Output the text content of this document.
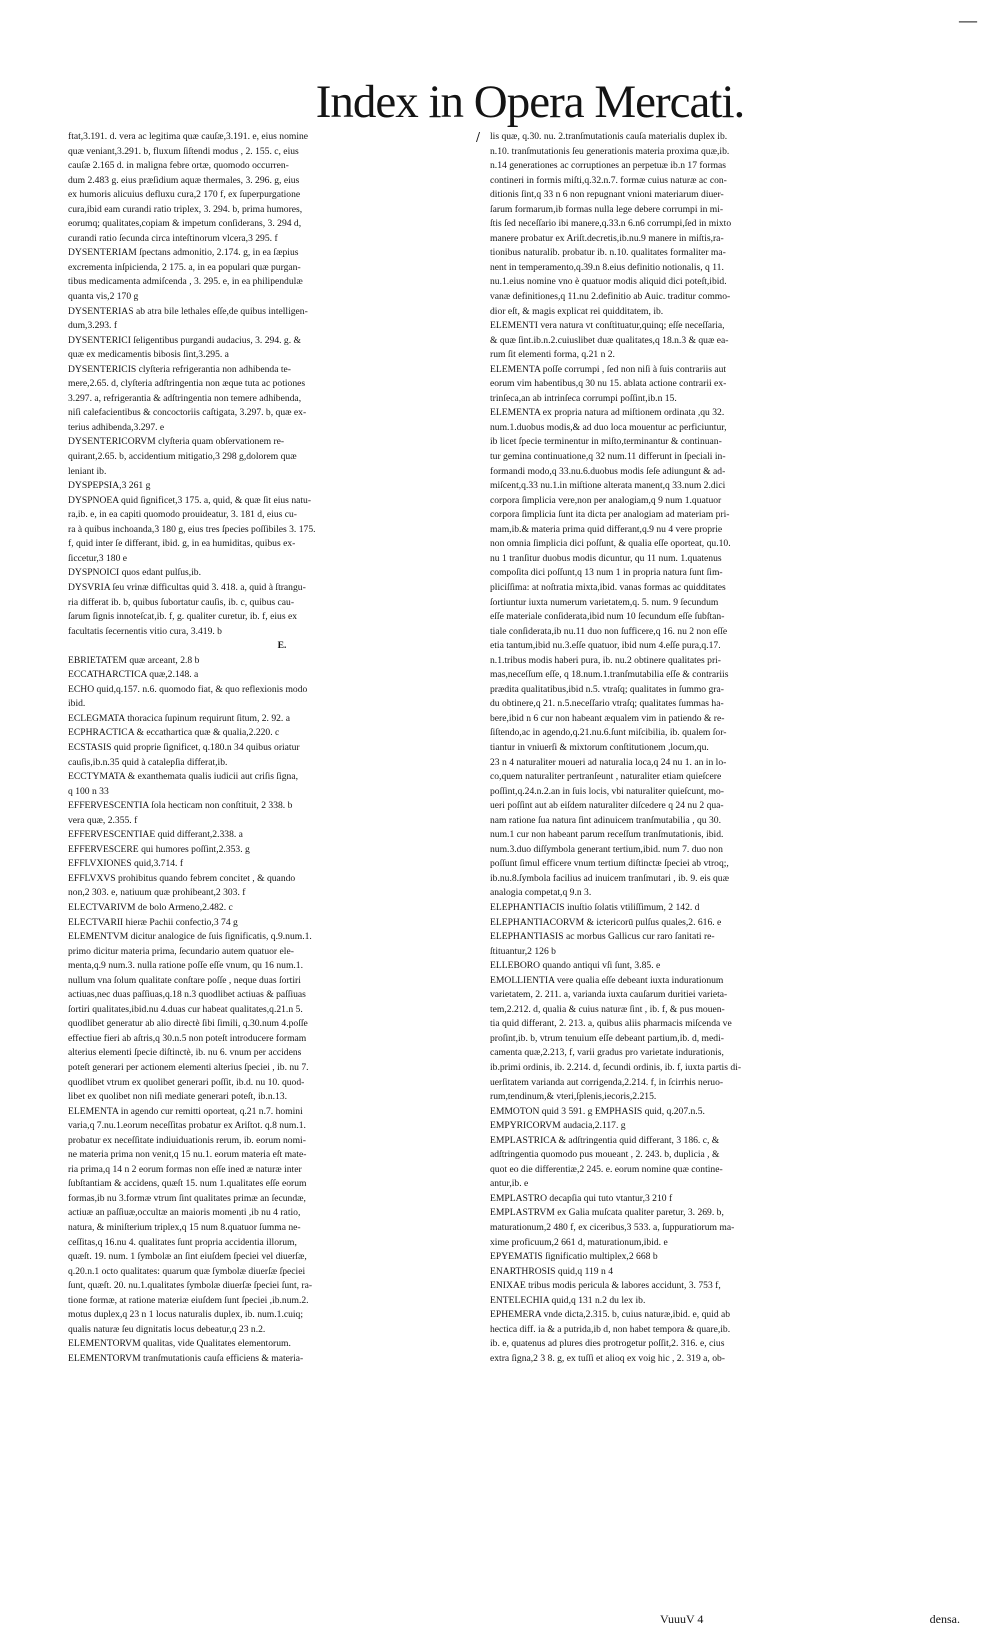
—
Index in Opera Mercati.
/
ftat,3.191. d. vera ac legitima quæ cauſæ,3.191. e, eius nomine
quæ veniant,3.291. b, fluxum ſiſtendi modus , 2. 155. c, eius
cauſæ 2.165 d. in maligna febre ortæ, quomodo occurren-
dum 2.483 g. eius præſidium aquæ thermales, 3. 296. g, eius
ex humoris alicuius defluxu cura,2 170 f, ex ſuperpurgatione
cura,ibid eam curandi ratio triplex, 3. 294. b, prima humores,
eorumq; qualitates,copiam & impetum conſiderans, 3. 294 d,
curandi ratio ſecunda circa inteſtinorum vlcera,3 295. f
DYSENTERIAM ſpectans admonitio, 2.174. g, in ea ſæpius
excrementa inſpicienda, 2 175. a, in ea populari quæ purgan-
tibus medicamenta admiſcenda , 3. 295. e, in ea philipendulæ
quanta vis,2 170 g
DYSENTERIAS ab atra bile lethales eſſe,de quibus intelligen-
dum,3.293. f
DYSENTERICI ſeligentibus purgandi audacius, 3. 294. g. &
quæ ex medicamentis bibosis ſint,3.295. a
DYSENTERICIS clyſteria refrigerantia non adhibenda te-
mere,2.65. d, clyſteria adſtringentia non æque tuta ac potiones
3.297. a, refrigerantia & adſtringentia non temere adhibenda,
niſi calefacientibus & concoctoriis caſtigata, 3.297. b, quæ ex-
terius adhibenda,3.297. e
DYSENTERICORVM clyſteria quam obſervationem re-
quirant,2.65. b, accidentium mitigatio,3 298 g,dolorem quæ
leniant ib.
DYSPEPSIA,3 261 g
DYSPNOEA quid ſignificet,3 175. a, quid, & quæ ſit eius natu-
ra,ib. e, in ea capiti quomodo prouideatur, 3. 181 d, eius cu-
ra à quibus inchoanda,3 180 g, eius tres ſpecies poſſibiles 3. 175.
f, quid inter ſe differant, ibid. g, in ea humiditas, quibus ex-
ſiccetur,3 180 e
DYSPNOICI quos edant pulſus,ib.
DYSVRIA ſeu vrinæ difficultas quid 3. 418. a, quid à ſtrangu-
ria differat ib. b, quibus ſubortatur cauſis, ib. c, quibus cau-
ſarum ſignis innoteſcat,ib. f, g. qualiter curetur, ib. f, eius ex
facultatis ſecernentis vitio cura, 3.419. b
E.
EBRIETATEM quæ arceant, 2.8 b
ECCATHARCTICA quæ,2.148. a
ECHO quid,q.157. n.6. quomodo fiat, & quo reflexionis modo
ibid.
ECLEGMATA thoracica ſupinum requirunt ſitum, 2. 92. a
ECPHRACTICA & eccathartica quæ & qualia,2.220. c
ECSTASIS quid proprie ſignificet, q.180.n 34 quibus oriatur
cauſis,ib.n.35 quid à catalepſia differat,ib.
ECCTYMATA & exanthemata qualis iudicii aut criſis ſigna,
q 100 n 33
EFFERVESCENTIA ſola hecticam non conſtituit, 2 338. b
vera quæ, 2.355. f
EFFERVESCENTIAE quid differant,2.338. a
EFFERVESCERE qui humores poſſint,2.353. g
EFFLVXIONES quid,3.714. f
EFFLVXVS prohibitus quando febrem concitet , & quando
non,2 303. e, natiuum quæ prohibeant,2 303. f
ELECTVARIVM de bolo Armeno,2.482. c
ELECTVARII hieræ Pachii confectio,3 74 g
ELEMENTVM dicitur analogice de ſuis ſignificatis, q.9.num.1.
primo dicitur materia prima, ſecundario autem quatuor ele-
menta,q.9 num.3. nulla ratione poſſe eſſe vnum, qu 16 num.1.
nullum vna ſolum qualitate conſtare poſſe , neque duas ſortiri
actiuas,nec duas paſſiuas,q.18 n.3 quodlibet actiuas & paſſiuas
ſortiri qualitates,ibid.nu 4.duas cur habeat qualitates,q.21.n 5.
quodlibet generatur ab alio directè ſibi ſimili, q.30.num 4.poſſe
effectiue fieri ab aſtris,q 30.n.5 non poteſt introducere formam
alterius elementi ſpecie diſtinctè, ib. nu 6. vnum per accidens
poteſt generari per actionem elementi alterius ſpeciei , ib. nu 7.
quodlibet vtrum ex quolibet generari poſſit, ib.d. nu 10. quod-
libet ex quolibet non niſi mediate generari poteſt, ib.n.13.
ELEMENTA in agendo cur remitti oporteat, q.21 n.7. homini
varia,q 7.nu.1.eorum neceſſitas probatur ex Ariſtot. q.8 num.1.
probatur ex neceſſitate indiuiduationis rerum, ib. eorum nomi-
ne materia prima non venit,q 15 nu.1. eorum materia eſt mate-
ria prima,q 14 n 2 eorum formas non eſſe ined æ naturæ inter
ſubſtantiam & accidens, quæſt 15. num 1.qualitates eſſe eorum
formas,ib nu 3.formæ vtrum ſint qualitates primæ an ſecundæ,
actiuæ an paſſiuæ,occultæ an maioris momenti ,ib nu 4 ratio,
natura, & miniſterium triplex,q 15 num 8.quatuor ſumma ne-
ceſſitas,q 16.nu 4. qualitates ſunt propria accidentia illorum,
quæſt. 19. num. 1 ſymbolæ an ſint eiuſdem ſpeciei vel diuerſæ,
q.20.n.1 octo qualitates: quarum quæ ſymbolæ diuerſæ ſpeciei
ſunt, quæſt. 20. nu.1.qualitates ſymbolæ diuerſæ ſpeciei ſunt, ra-
tione formæ, at ratione materiæ eiuſdem ſunt ſpeciei ,ib.num.2.
motus duplex,q 23 n 1 locus naturalis duplex, ib. num.1.cuiq;
qualis naturæ ſeu dignitatis locus debeatur,q 23 n.2.
ELEMENTORVM qualitas, vide Qualitates elementorum.
ELEMENTORVM tranſmutationis cauſa efficiens & materia-
lis quæ, q.30. nu. 2.tranſmutationis cauſa materialis duplex ib.
n.10. tranſmutationis ſeu generationis materia proxima quæ,ib.
n.14 generationes ac corruptiones an perpetuæ ib.n 17 formas
contineri in formis miſti,q.32.n.7. formæ cuius naturæ ac con-
ditionis ſint,q 33 n 6 non repugnant vnioni materiarum diuer-
ſarum formarum,ib formas nulla lege debere corrumpi in mi-
ſtis ſed neceſſario ibi manere,q.33.n 6.n6 corrumpi,ſed in mixto
manere probatur ex Ariſt.decretis,ib.nu.9 manere in miſtis,ra-
tionibus naturalib. probatur ib. n.10. qualitates formaliter ma-
nent in temperamento,q.39.n 8.eius definitio notionalis, q 11.
nu.1.eius nomine vno è quatuor modis aliquid dici poteſt,ibid.
vanæ definitiones,q 11.nu 2.definitio ab Auic. traditur commo-
dior eſt, & magis explicat rei quidditatem, ib.
ELEMENTI vera natura vt conſtituatur,quinq; eſſe neceſſaria,
& quæ ſint.ib.n.2.cuiuslibet duæ qualitates,q 18.n.3 & quæ ea-
rum ſit elementi forma, q.21 n 2.
ELEMENTA poſſe corrumpi , ſed non niſi à ſuis contrariis aut
eorum vim habentibus,q 30 nu 15. ablata actione contrarii ex-
trinſeca,an ab intrinſeca corrumpi poſſint,ib.n 15.
ELEMENTA ex propria natura ad miſtionem ordinata ,qu 32.
num.1.duobus modis,& ad duo loca mouentur ac perficiuntur,
ib licet ſpecie terminentur in miſto,terminantur & continuan-
tur gemina continuatione,q 32 num.11 differunt in ſpeciali in-
formandi modo,q 33.nu.6.duobus modis ſeſe adiungunt & ad-
miſcent,q.33 nu.1.in miſtione alterata manent,q 33.num 2.dici
corpora ſimplicia vere,non per analogiam,q 9 num 1.quatuor
corpora ſimplicia ſunt ita dicta per analogiam ad materiam pri-
mam,ib.& materia prima quid differant,q.9 nu 4 vere proprie
non omnia ſimplicia dici poſſunt, & qualia eſſe oporteat, qu.10.
nu 1 tranſitur duobus modis dicuntur, qu 11 num. 1.quatenus
compoſita dici poſſunt,q 13 num 1 in propria natura ſunt ſim-
pliciſſima: at noſtratia mixta,ibid. vanas formas ac quidditates
ſortiuntur iuxta numerum varietatem,q. 5. num. 9 ſecundum
eſſe materiale conſiderata,ibid num 10 ſecundum eſſe ſubſtan-
tiale conſiderata,ib nu.11 duo non ſufficere,q 16. nu 2 non eſſe
etia tantum,ibid nu.3.eſſe quatuor, ibid num 4.eſſe pura,q.17.
n.1.tribus modis haberi pura, ib. nu.2 obtinere qualitates pri-
mas,neceſſum eſſe, q 18.num.1.tranſmutabilia eſſe & contrariis
prædita qualitatibus,ibid n.5. vtraſq; qualitates in ſummo gra-
du obtinere,q 21. n.5.neceſſario vtraſq; qualitates ſummas ha-
bere,ibid n 6 cur non habeant æqualem vim in patiendo & re-
ſiſtendo,ac in agendo,q.21.nu.6.ſunt miſcibilia, ib. qualem ſor-
tiantur in vniuerſi & mixtorum conſtitutionem ,locum,qu.
23 n 4 naturaliter moueri ad naturalia loca,q 24 nu 1. an in lo-
co,quem naturaliter pertranſeunt , naturaliter etiam quieſcere
poſſint,q.24.n.2.an in ſuis locis, vbi naturaliter quieſcunt, mo-
ueri poſſint aut ab eiſdem naturaliter diſcedere q 24 nu 2 qua-
nam ratione ſua natura ſint adinuicem tranſmutabilia , qu 30.
num.1 cur non habeant parum receſſum tranſmutationis, ibid.
num.3.duo diſſymbola generant tertium,ibid. num 7. duo non
poſſunt ſimul efficere vnum tertium diſtinctæ ſpeciei ab vtroq;,
ib.nu.8.ſymbola facilius ad inuicem tranſmutari , ib. 9. eis quæ
analogia competat,q 9.n 3.
ELEPHANTIACIS inuſtio ſolatis vtiliſſimum, 2 142. d
ELEPHANTIACORVM & ictericorū pulſus quales,2. 616. e
ELEPHANTIASIS ac morbus Gallicus cur raro ſanitati re-
ſtituantur,2 126 b
ELLEBORO quando antiqui vſi ſunt, 3.85. e
EMOLLIENTIA vere qualia eſſe debeant iuxta indurationum
varietatem, 2. 211. a, varianda iuxta cauſarum duritiei varieta-
tem,2.212. d, qualia & cuius naturæ ſint , ib. f, & pus mouen-
tia quid differant, 2. 213. a, quibus aliis pharmacis miſcenda ve
proſint,ib. b, vtrum tenuium eſſe debeant partium,ib. d, medi-
camenta quæ,2.213, f, varii gradus pro varietate indurationis,
ib.primi ordinis, ib. 2.214. d, ſecundi ordinis, ib. f, iuxta partis di-
uerſitatem varianda aut corrigenda,2.214. f, in ſcirrhis neruo-
rum,tendinum,& vteri,ſplenis,iecoris,2.215.
EMMOTON quid 3 591. g EMPHASIS quid, q.207.n.5.
EMPYRICORVM audacia,2.117. g
EMPLASTRICA & adſtringentia quid differant, 3 186. c, &
adſtringentia quomodo pus moueant , 2. 243. b, duplicia , &
quot eo die differentiæ,2 245. e. eorum nomine quæ contine-
antur,ib. e
EMPLASTRO decapſia qui tuto vtantur,3 210 f
EMPLASTRVM ex Galia muſcata qualiter paretur, 3. 269. b,
maturationum,2 480 f, ex ciceribus,3 533. a, ſuppuratiorum ma-
xime proficuum,2 661 d, maturationum,ibid. e
EPYEMATIS ſignificatio multiplex,2 668 b
ENARTHROSIS quid,q 119 n 4
ENIXAE tribus modis pericula & labores accidunt, 3. 753 f,
ENTELECHIA quid,q 131 n.2 du lex ib.
EPHEMERA vnde dicta,2.315. b, cuius naturæ,ibid. e, quid ab
hectica diff. ia & a putrida,ib d, non habet tempora & quare,ib.
ib. e, quatenus ad plures dies protrogetur poſſit,2. 316. e, cius
extra ſigna,2 3 8. g, ex tuſſi et alioq ex voig hic , 2. 319 a, ob-
VuuuV 4	densa.
